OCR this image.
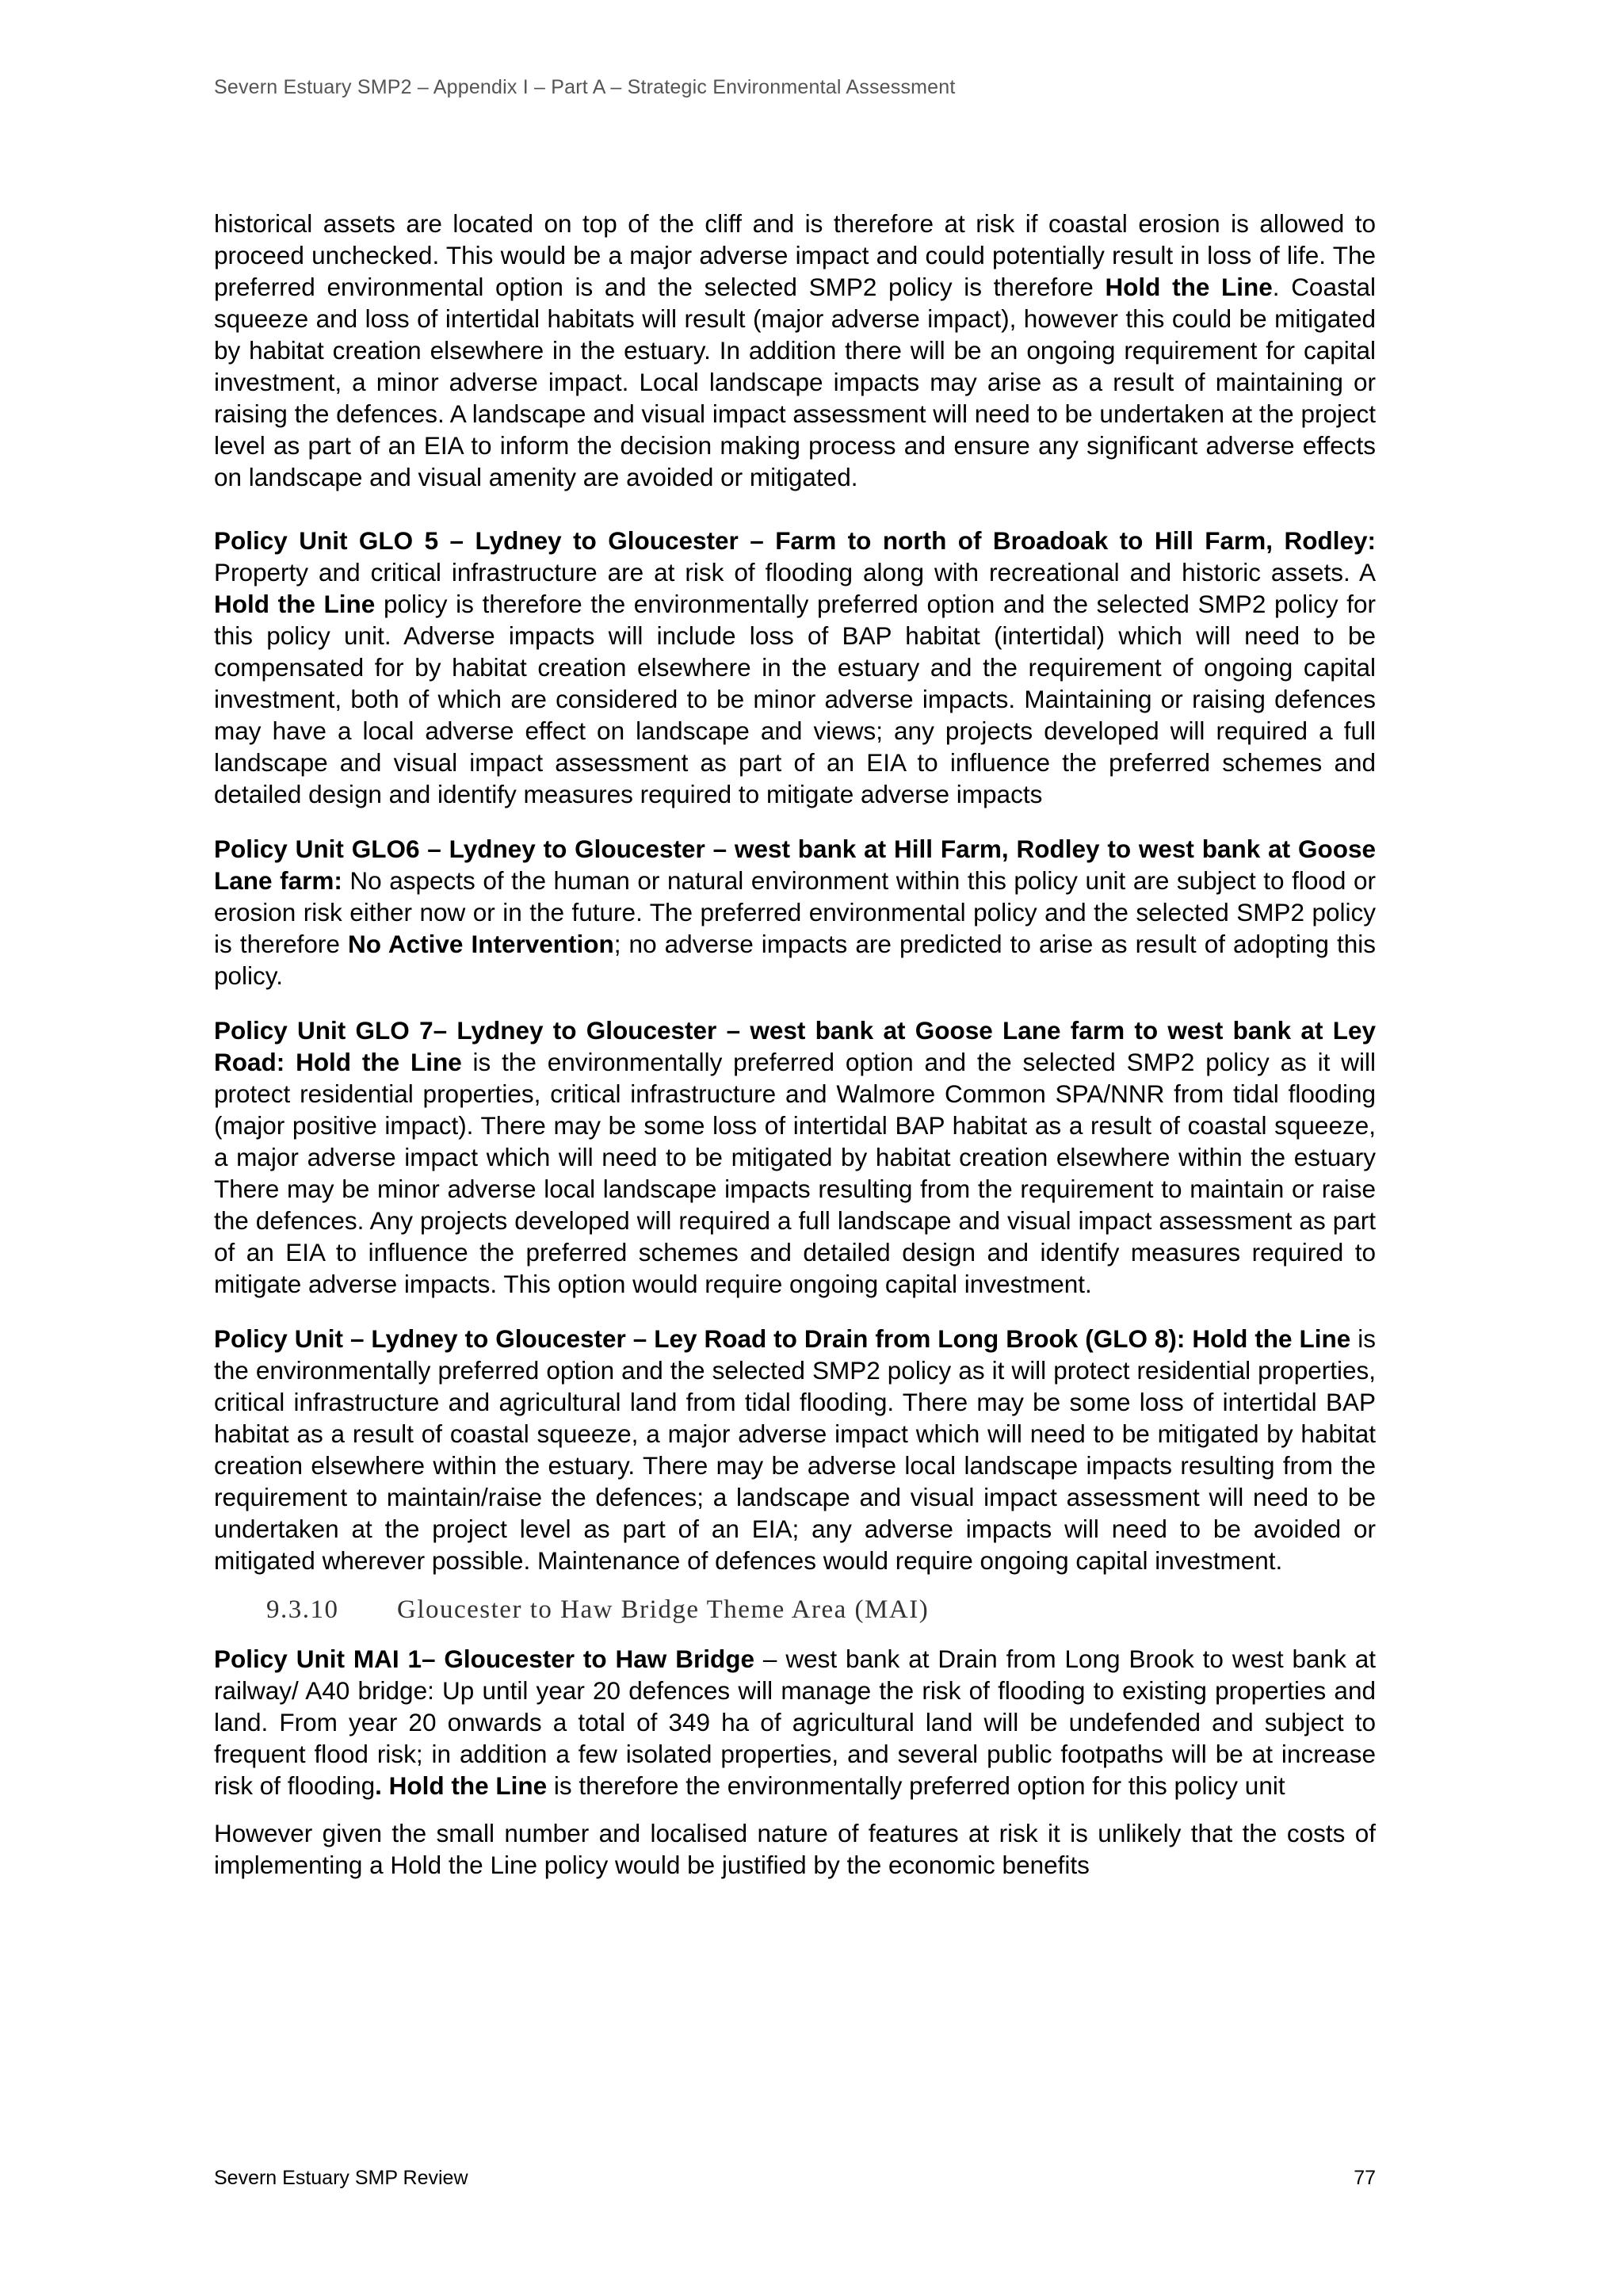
Severn Estuary SMP2 – Appendix I – Part A – Strategic Environmental Assessment

historical assets are located on top of the cliff and is therefore at risk if coastal erosion is allowed to proceed unchecked. This would be a major adverse impact and could potentially result in loss of life. The preferred environmental option is and the selected SMP2 policy is therefore Hold the Line. Coastal squeeze and loss of intertidal habitats will result (major adverse impact), however this could be mitigated by habitat creation elsewhere in the estuary. In addition there will be an ongoing requirement for capital investment, a minor adverse impact. Local landscape impacts may arise as a result of maintaining or raising the defences. A landscape and visual impact assessment will need to be undertaken at the project level as part of an EIA to inform the decision making process and ensure any significant adverse effects on landscape and visual amenity are avoided or mitigated.

Policy Unit GLO 5 – Lydney to Gloucester – Farm to north of Broadoak to Hill Farm, Rodley: Property and critical infrastructure are at risk of flooding along with recreational and historic assets. A Hold the Line policy is therefore the environmentally preferred option and the selected SMP2 policy for this policy unit. Adverse impacts will include loss of BAP habitat (intertidal) which will need to be compensated for by habitat creation elsewhere in the estuary and the requirement of ongoing capital investment, both of which are considered to be minor adverse impacts. Maintaining or raising defences may have a local adverse effect on landscape and views; any projects developed will required a full landscape and visual impact assessment as part of an EIA to influence the preferred schemes and detailed design and identify measures required to mitigate adverse impacts

Policy Unit GLO6 – Lydney to Gloucester – west bank at Hill Farm, Rodley to west bank at Goose Lane farm: No aspects of the human or natural environment within this policy unit are subject to flood or erosion risk either now or in the future. The preferred environmental policy and the selected SMP2 policy is therefore No Active Intervention; no adverse impacts are predicted to arise as result of adopting this policy.

Policy Unit GLO 7– Lydney to Gloucester – west bank at Goose Lane farm to west bank at Ley Road: Hold the Line is the environmentally preferred option and the selected SMP2 policy as it will protect residential properties, critical infrastructure and Walmore Common SPA/NNR from tidal flooding (major positive impact). There may be some loss of intertidal BAP habitat as a result of coastal squeeze, a major adverse impact which will need to be mitigated by habitat creation elsewhere within the estuary There may be minor adverse local landscape impacts resulting from the requirement to maintain or raise the defences. Any projects developed will required a full landscape and visual impact assessment as part of an EIA to influence the preferred schemes and detailed design and identify measures required to mitigate adverse impacts. This option would require ongoing capital investment.

Policy Unit – Lydney to Gloucester – Ley Road to Drain from Long Brook (GLO 8): Hold the Line is the environmentally preferred option and the selected SMP2 policy as it will protect residential properties, critical infrastructure and agricultural land from tidal flooding. There may be some loss of intertidal BAP habitat as a result of coastal squeeze, a major adverse impact which will need to be mitigated by habitat creation elsewhere within the estuary. There may be adverse local landscape impacts resulting from the requirement to maintain/raise the defences; a landscape and visual impact assessment will need to be undertaken at the project level as part of an EIA; any adverse impacts will need to be avoided or mitigated wherever possible. Maintenance of defences would require ongoing capital investment.

9.3.10 Gloucester to Haw Bridge Theme Area (MAI)

Policy Unit MAI 1– Gloucester to Haw Bridge – west bank at Drain from Long Brook to west bank at railway/ A40 bridge: Up until year 20 defences will manage the risk of flooding to existing properties and land. From year 20 onwards a total of 349 ha of agricultural land will be undefended and subject to frequent flood risk; in addition a few isolated properties, and several public footpaths will be at increase risk of flooding. Hold the Line is therefore the environmentally preferred option for this policy unit

However given the small number and localised nature of features at risk it is unlikely that the costs of implementing a Hold the Line policy would be justified by the economic benefits

Severn Estuary SMP Review	77
